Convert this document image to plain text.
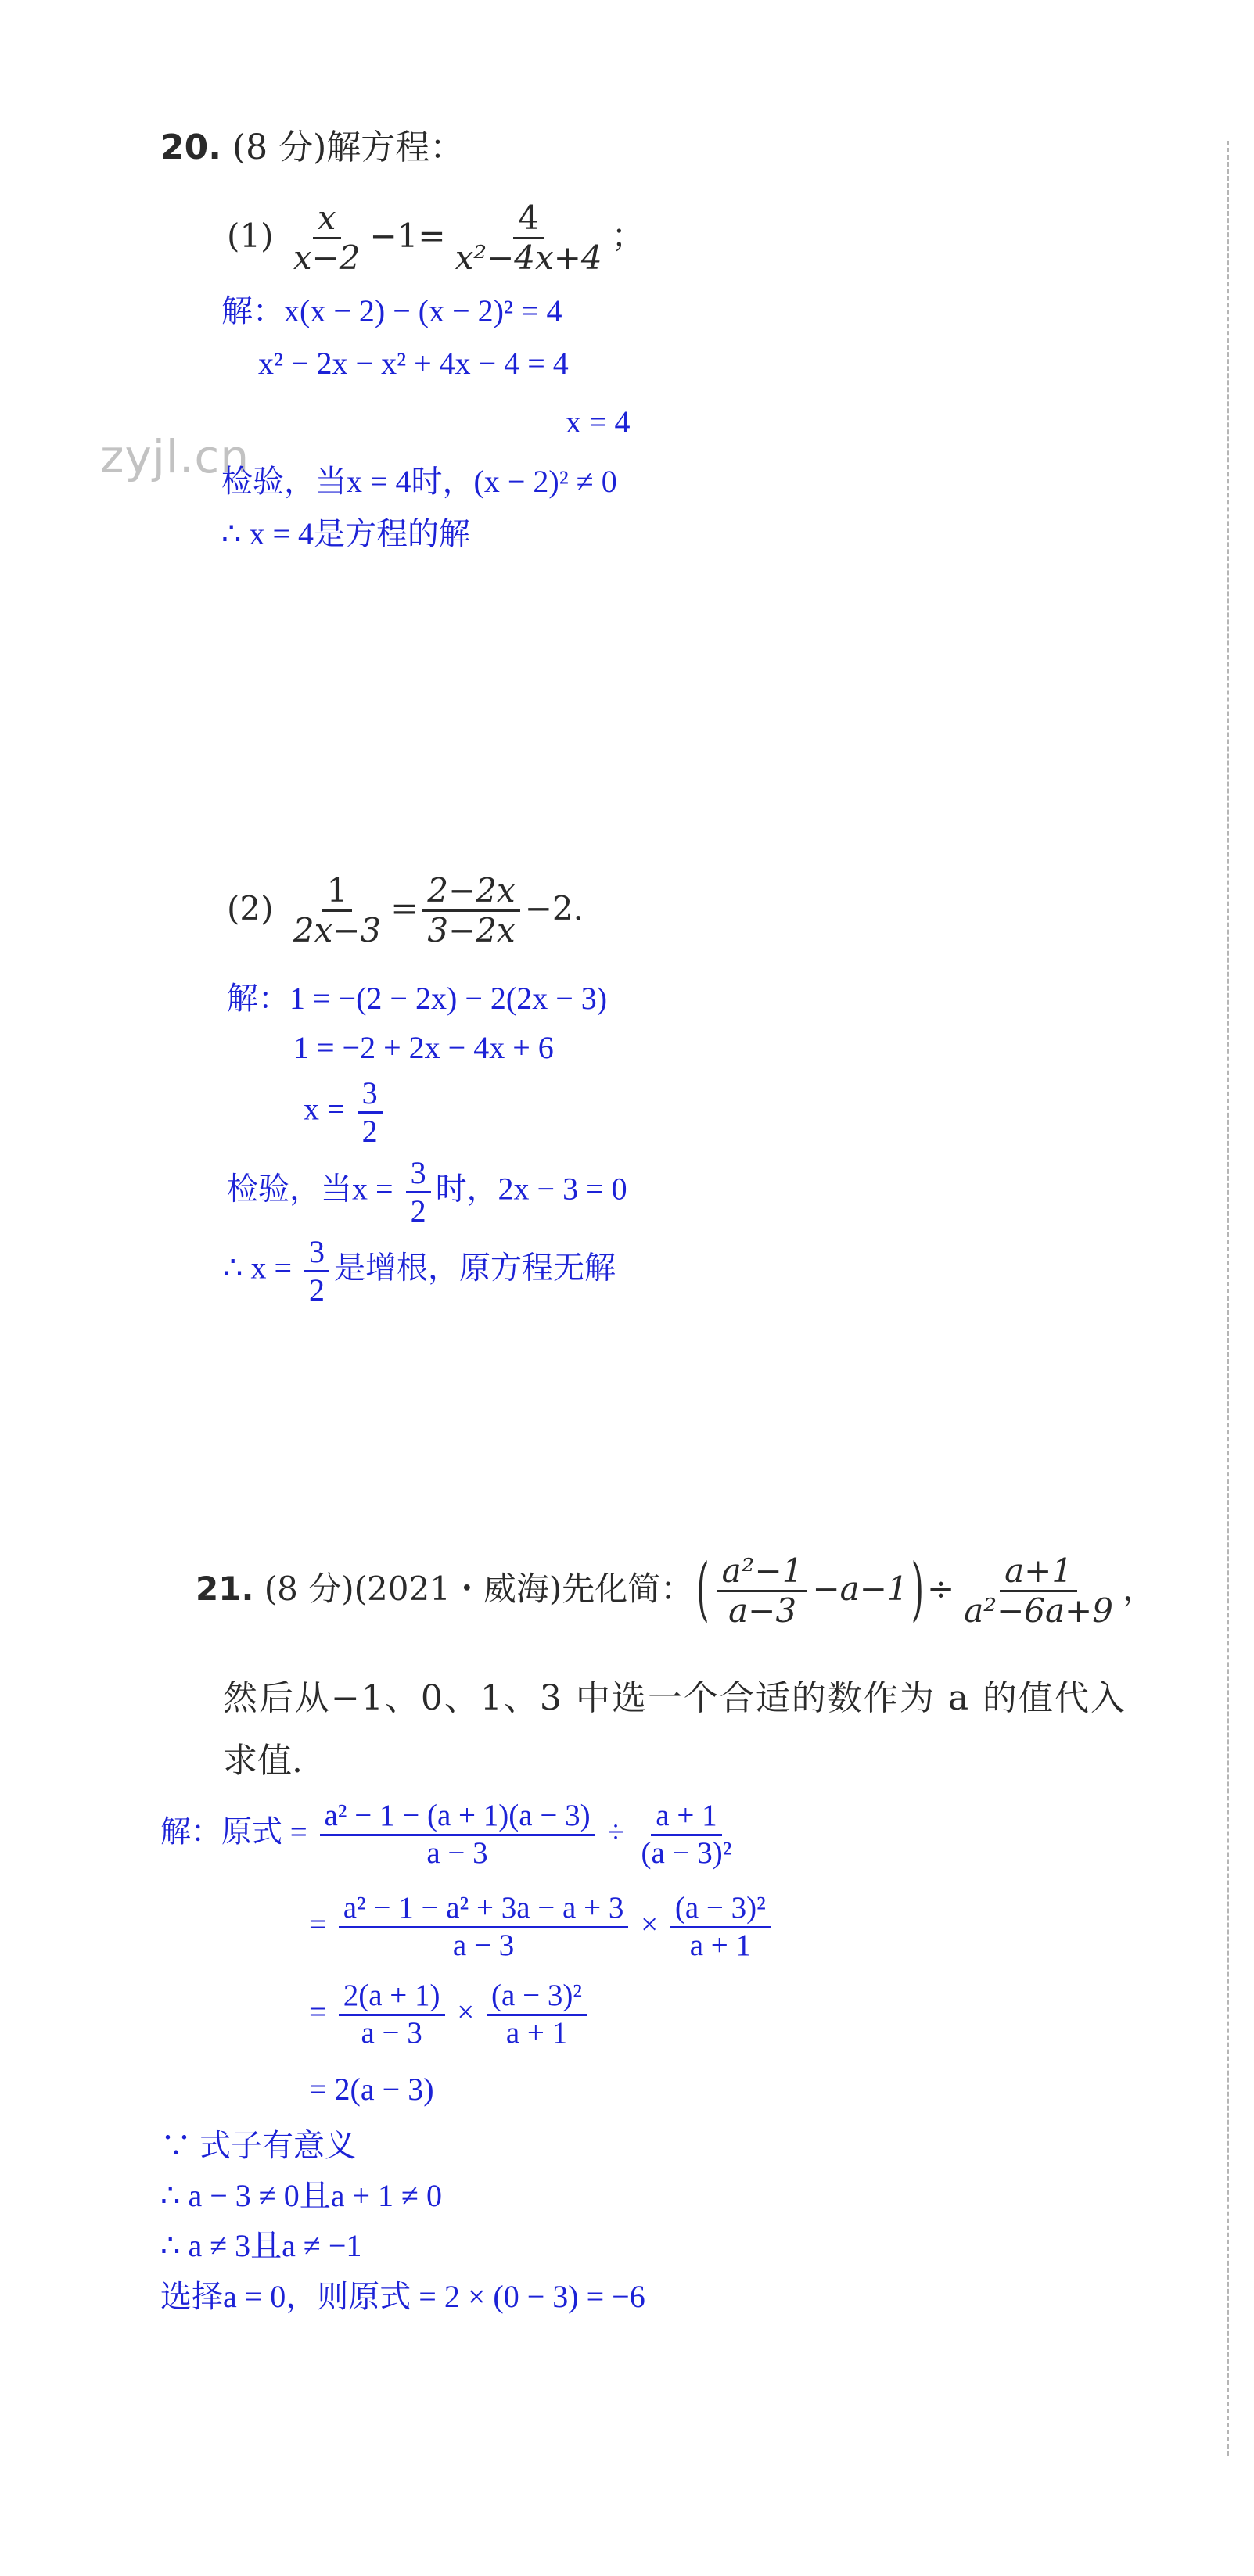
zyjl.cn
20. (8 分)解方程：
$(1) \frac{x}{x-2} -1= \frac{4}{\text{x²−4x+4}}$ ；
解：x(x − 2) − (x − 2)² = 4
x² − 2x − x² + 4x − 4 = 4
x = 4
检验，当x = 4时，(x − 2)² ≠ 0
∴ x = 4是方程的解
$(2) \frac{1}{2x-3} = \frac{2-2x}{3-2x} -2$.
解：1 = −(2 − 2x) − 2(2x − 3)
1 = −2 + 2x − 4x + 6
$x = \frac{3}{2}$
检验，当$x = \frac{3}{2}$ 时，2x − 3 = 0
∴ $x = \frac{3}{2}$ 是增根，原方程无解
21. (8 分)(2021・威海)先化简：( $\frac{\text{a²−1}}{a-3} -a-1)\div \frac{a+1}{\text{a²−6a+9}}$ ，
然后从−1、0、1、3 中选一个合适的数作为 a 的值代入
求值.
解：原式 = $\frac{\text{a² − 1 − (a + 1)(a − 3)}}{a - 3} \div \frac{a + 1}{\text{(a − 3)²}}$
= $\frac{\text{a² − 1 − a² + 3a − a + 3}}{a - 3} \times \frac{\text{(a − 3)²}}{a + 1}$
= $\frac{2(a + 1)}{a - 3} \times \frac{\text{(a − 3)²}}{a + 1}$
= 2(a − 3)
∵ 式子有意义
∴ a − 3 ≠ 0且a + 1 ≠ 0
∴ a ≠ 3且a ≠ −1
选择a = 0，则原式 = 2 × (0 − 3) = −6
